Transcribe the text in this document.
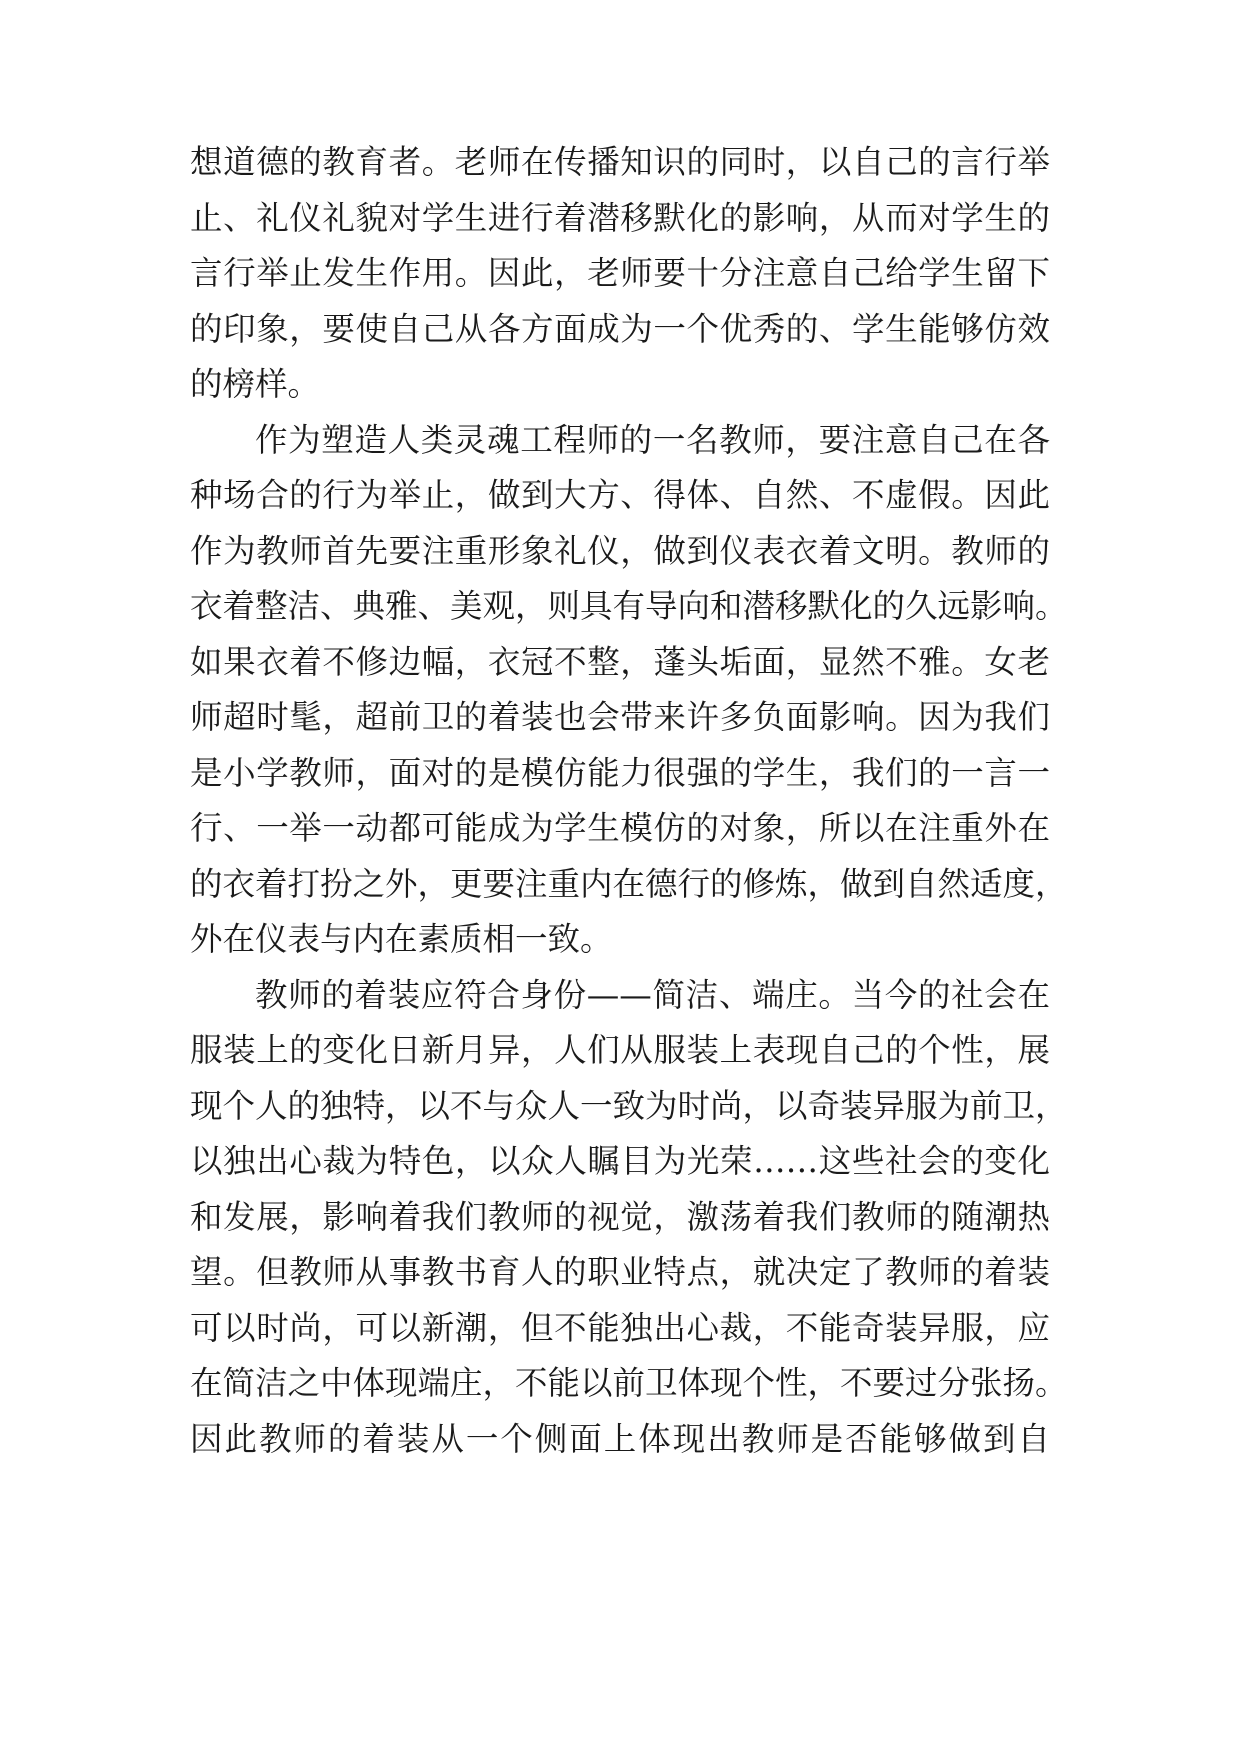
想道德的教育者。老师在传播知识的同时，以自己的言行举
止、礼仪礼貌对学生进行着潜移默化的影响，从而对学生的
言行举止发生作用。因此，老师要十分注意自己给学生留下
的印象，要使自己从各方面成为一个优秀的、学生能够仿效
的榜样。
作为塑造人类灵魂工程师的一名教师，要注意自己在各
种场合的行为举止，做到大方、得体、自然、不虚假。因此
作为教师首先要注重形象礼仪，做到仪表衣着文明。教师的
衣着整洁、典雅、美观，则具有导向和潜移默化的久远影响。
如果衣着不修边幅，衣冠不整，蓬头垢面，显然不雅。女老
师超时髦，超前卫的着装也会带来许多负面影响。因为我们
是小学教师，面对的是模仿能力很强的学生，我们的一言一
行、一举一动都可能成为学生模仿的对象，所以在注重外在
的衣着打扮之外，更要注重内在德行的修炼，做到自然适度，
外在仪表与内在素质相一致。
教师的着装应符合身份——简洁、端庄。当今的社会在
服装上的变化日新月异，人们从服装上表现自己的个性，展
现个人的独特，以不与众人一致为时尚，以奇装异服为前卫，
以独出心裁为特色，以众人瞩目为光荣……这些社会的变化
和发展，影响着我们教师的视觉，激荡着我们教师的随潮热
望。但教师从事教书育人的职业特点，就决定了教师的着装
可以时尚，可以新潮，但不能独出心裁，不能奇装异服，应
在简洁之中体现端庄，不能以前卫体现个性，不要过分张扬。
因此教师的着装从一个侧面上体现出教师是否能够做到自
